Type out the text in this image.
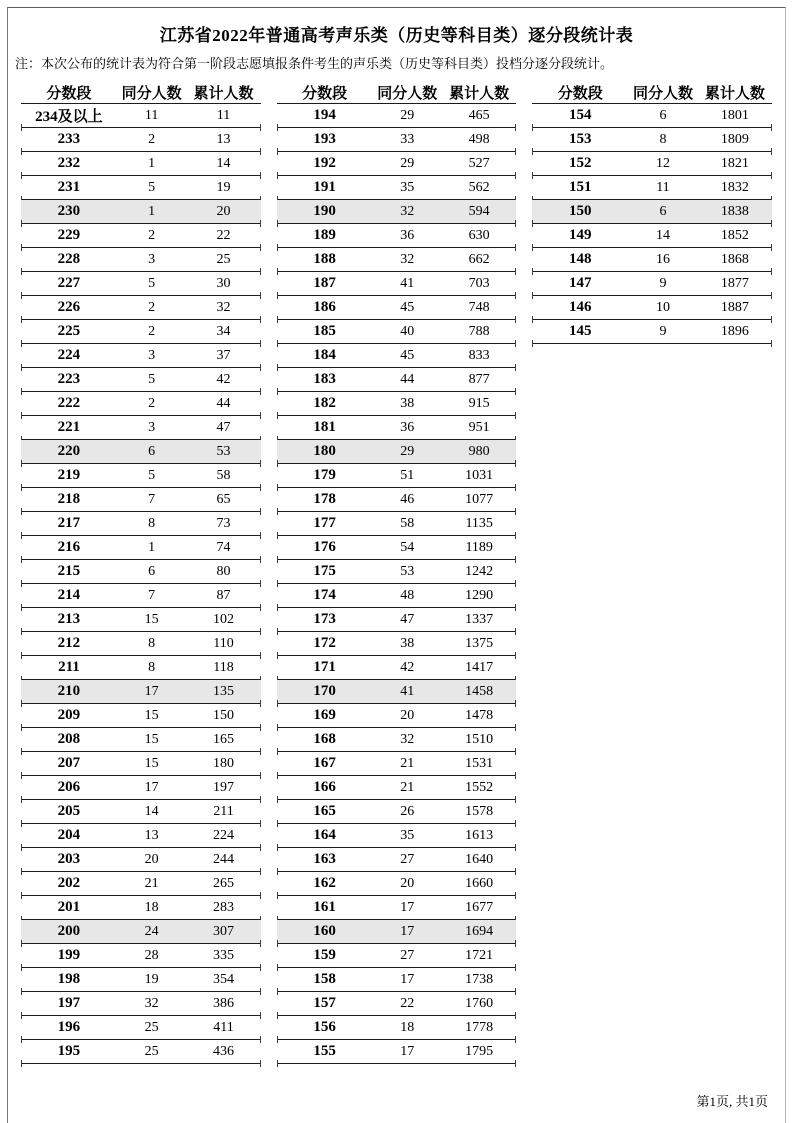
江苏省2022年普通高考声乐类（历史等科目类）逐分段统计表
注：本次公布的统计表为符合第一阶段志愿填报条件考生的声乐类（历史等科目类）投档分逐分段统计。
分数段	同分人数 累计人数
234及以上	11	11
233	2	13
232	1	14
231	5	19
230	1	20
229	2	22
228	3	25
227	5	30
226	2	32
225	2	34
224	3	37
223	5	42
222	2	44
221	3	47
220	6	53
219	5	58
218	7	65
217	8	73
216	1	74
215	6	80
214	7	87
213	15	102
212	8	110
211	8	118
210	17	135
209	15	150
208	15	165
207	15	180
206	17	197
205	14	211
204	13	224
203	20	244
202	21	265
201	18	283
200	24	307
199	28	335
198	19	354
197	32	386
196	25	411
195	25	436
分数段	同分人数 累计人数
194	29	465
193	33	498
192	29	527
191	35	562
190	32	594
189	36	630
188	32	662
187	41	703
186	45	748
185	40	788
184	45	833
183	44	877
182	38	915
181	36	951
180	29	980
179	51	1031
178	46	1077
177	58	1135
176	54	1189
175	53	1242
174	48	1290
173	47	1337
172	38	1375
171	42	1417
170	41	1458
169	20	1478
168	32	1510
167	21	1531
166	21	1552
165	26	1578
164	35	1613
163	27	1640
162	20	1660
161	17	1677
160	17	1694
159	27	1721
158	17	1738
157	22	1760
156	18	1778
155	17	1795
分数段	同分人数 累计人数
154	6	1801
153	8	1809
152	12	1821
151	11	1832
150	6	1838
149	14	1852
148	16	1868
147	9	1877
146	10	1887
145	9	1896
第1页, 共1页
